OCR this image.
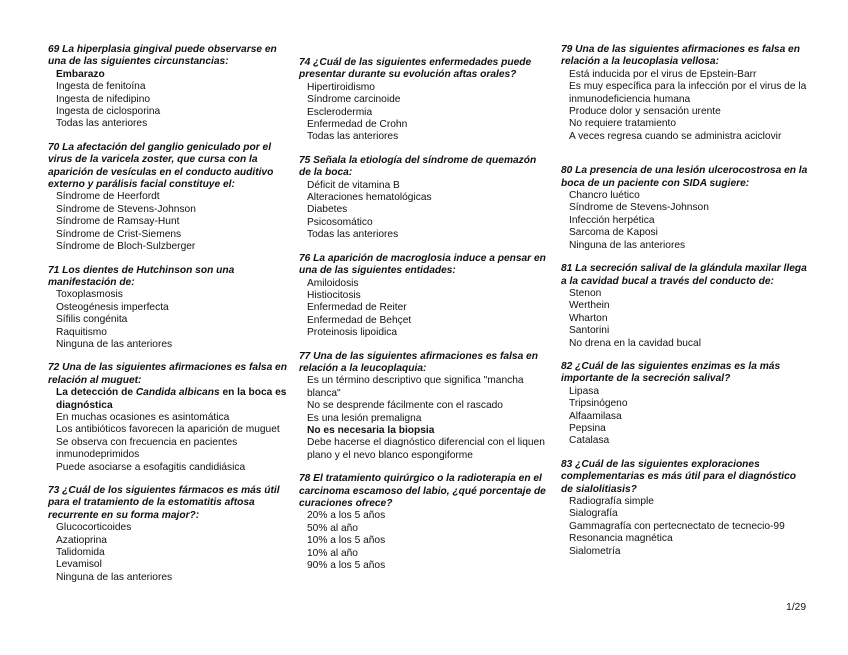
69 La hiperplasia gingival puede observarse en una de las siguientes circunstancias:
Embarazo
Ingesta de fenitoína
Ingesta de nifedipino
Ingesta de ciclosporina
Todas las anteriores
70 La afectación del ganglio geniculado por el virus de la varicela zoster, que cursa con la aparición de vesículas en el conducto auditivo externo y parálisis facial constituye el:
Síndrome de Heerfordt
Síndrome de Stevens-Johnson
Síndrome de Ramsay-Hunt
Síndrome de Crist-Siemens
Síndrome de Bloch-Sulzberger
71 Los dientes de Hutchinson son una manifestación de:
Toxoplasmosis
Osteogénesis imperfecta
Sífilis congénita
Raquitismo
Ninguna de las anteriores
72 Una de las siguientes afirmaciones es falsa en relación al muguet:
La detección de Candida albicans en la boca es diagnóstica
En muchas ocasiones es asintomática
Los antibióticos favorecen la aparición de muguet
Se observa con frecuencia en pacientes inmunodeprimidos
Puede asociarse a esofagitis candidiásica
73 ¿Cuál de los siguientes fármacos es más útil para el tratamiento de la estomatitis aftosa recurrente en su forma major?:
Glucocorticoides
Azatioprina
Talidomida
Levamisol
Ninguna de las anteriores
74 ¿Cuál de las siguientes enfermedades puede presentar durante su evolución aftas orales?
Hipertiroidismo
Síndrome carcinoide
Esclerodermia
Enfermedad de Crohn
Todas las anteriores
75 Señala la etiología del síndrome de quemazón de la boca:
Déficit de vitamina B
Alteraciones hematológicas
Diabetes
Psicosomático
Todas las anteriores
76 La aparición de macroglosia induce a pensar en una de las siguientes entidades:
Amiloidosis
Histiocitosis
Enfermedad de Reiter
Enfermedad de Behçet
Proteinosis lipoidica
77 Una de las siguientes afirmaciones es falsa en relación a la leucoplaquia:
Es un término descriptivo que significa "mancha blanca"
No se desprende fácilmente con el rascado
Es una lesión premaligna
No es necesaria la biopsia
Debe hacerse el diagnóstico diferencial con el liquen plano y el nevo blanco espongiforme
78 El tratamiento quirúrgico o la radioterapia en el carcinoma escamoso del labio, ¿qué porcentaje de curaciones ofrece?
20% a los 5 años
50% al año
10% a los 5 años
10% al año
90% a los 5 años
79 Una de las siguientes afirmaciones es falsa en relación a la leucoplasia vellosa:
Está inducida por el virus de Epstein-Barr
Es muy específica para la infección por el virus de la inmunodeficiencia humana
Produce dolor y sensación urente
No requiere tratamiento
A veces regresa cuando se administra aciclovir
80 La presencia de una lesión ulcerocostrosa en la boca de un paciente con SIDA sugiere:
Chancro luético
Síndrome de Stevens-Johnson
Infección herpética
Sarcoma de Kaposi
Ninguna de las anteriores
81 La secreción salival de la glándula maxilar llega a la cavidad bucal a través del conducto de:
Stenon
Werthein
Wharton
Santorini
No drena en la cavidad bucal
82 ¿Cuál de las siguientes enzimas es la más importante de la secreción salival?
Lipasa
Tripsinógeno
Alfaamilasa
Pepsina
Catalasa
83 ¿Cuál de las siguientes exploraciones complementarias es más útil para el diagnóstico de sialolitiasis?
Radiografía simple
Sialografía
Gammagrafía con pertecnectato de tecnecio-99
Resonancia magnética
Sialometría
1/29
